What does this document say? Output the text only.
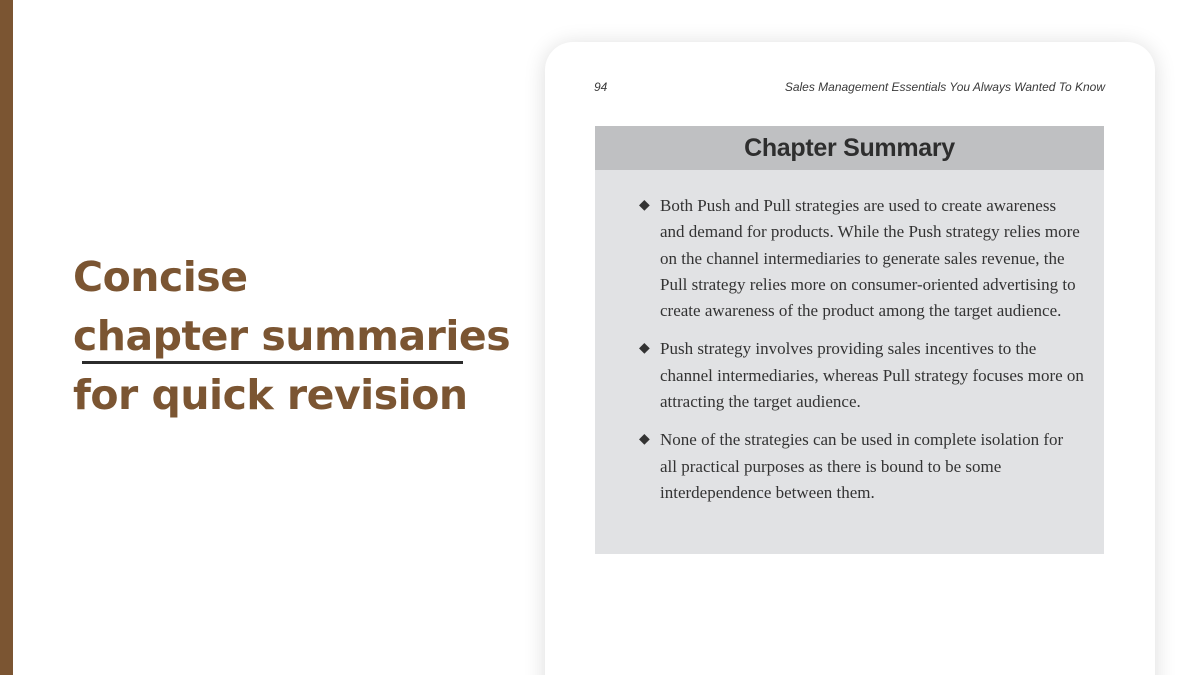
Concise
chapter summaries
for quick revision
94	Sales Management Essentials You Always Wanted To Know
Chapter Summary
◆ Both Push and Pull strategies are used to create awareness and demand for products. While the Push strategy relies more on the channel intermediaries to generate sales revenue, the Pull strategy relies more on consumer-oriented advertising to create awareness of the product among the target audience.
◆ Push strategy involves providing sales incentives to the channel intermediaries, whereas Pull strategy focuses more on attracting the target audience.
◆ None of the strategies can be used in complete isolation for all practical purposes as there is bound to be some interdependence between them.
